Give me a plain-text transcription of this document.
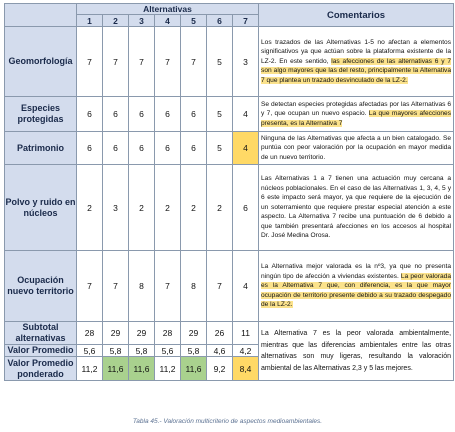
	Alternativas							Comentarios
	1	2	3	4	5	6	7	
Geomorfología	7	7	7	7	7	5	3	Los trazados de las Alternativas 1-5 no afectan a elementos significativos ya que actúan sobre la plataforma existente de la LZ-2. En este sentido, las afecciones de las alternativas 6 y 7 son algo mayores que las del resto, principalmente la Alternativa 7 que plantea un trazado desvinculado de la LZ-2.
Especies protegidas	6	6	6	6	6	5	4	Se detectan especies protegidas afectadas por las Alternativas 6 y 7, que ocupan un nuevo espacio. La que mayores afecciones presenta, es la Alternativa 7
Patrimonio	6	6	6	6	6	5	4	Ninguna de las Alternativas que afecta a un bien catalogado. Se puntúa con peor valoración por la ocupación en mayor medida de un nuevo territorio.
Polvo y ruido en núcleos	2	3	2	2	2	2	6	Las Alternativas 1 a 7 tienen una actuación muy cercana a núcleos poblacionales. En el caso de las Alternativas 1, 3, 4, 5 y 6 este impacto será mayor, ya que requiere de la ejecución de un soterramiento que requiere prestar especial atención a este aspecto. La Alternativa 7 recibe una puntuación de 6 debido a que también presentará afecciones en los accesos al hospital Dr. José Medina Orosa.
Ocupación nuevo territorio	7	7	8	7	8	7	4	La Alternativa mejor valorada es la nº3, ya que no presenta ningún tipo de afección a viviendas existentes. La peor valorada es la Alternativa 7 que, con diferencia, es la que mayor ocupación de territorio presente debido a su trazado despegado de la LZ-2.
Subtotal alternativas	28	29	29	28	29	26	11	La Alternativa 7 es la peor valorada ambientalmente, mientras que las diferencias ambientales entre las otras alternativas son muy ligeras, resultando la valoración ambiental de las Alternativas 2,3 y 5 las mejores.
Valor Promedio	5,6	5,8	5,8	5,6	5,8	4,6	4,2	
Valor Promedio ponderado	11,2	11,6	11,6	11,2	11,6	9,2	8,4	
Tabla 45.- Valoración multicriterio de aspectos medioambientales.
